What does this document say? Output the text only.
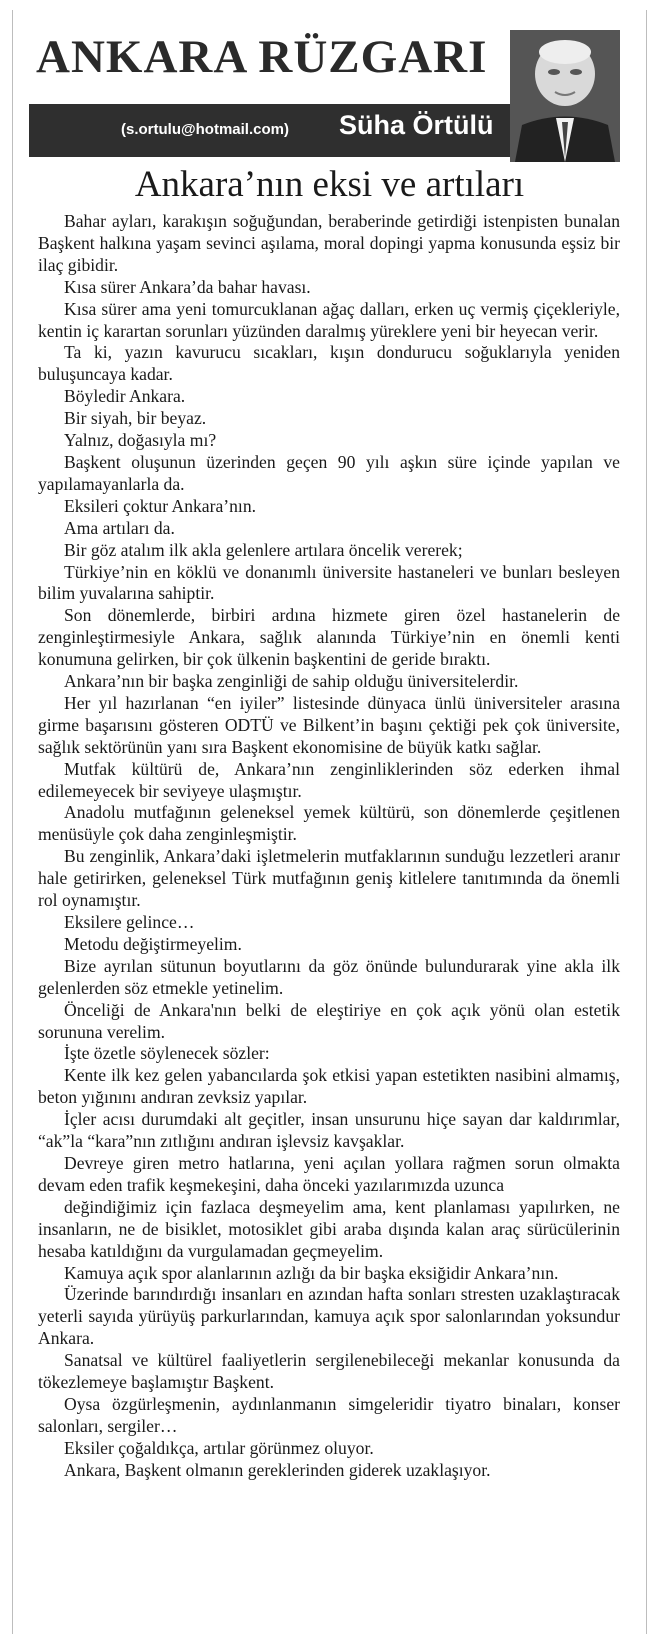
ANKARA RÜZGARI
(s.ortulu@hotmail.com) Süha Örtülü
Ankara’nın eksi ve artıları

Bahar ayları, karakışın soğuğundan, beraberinde getirdiği istenpisten bunalan Başkent halkına yaşam sevinci aşılama, moral dopingi yapma konusunda eşsiz bir ilaç gibidir.

Kısa sürer Ankara’da bahar havası.

Kısa sürer ama yeni tomurcuklanan ağaç dalları, erken uç vermiş çiçekleriyle, kentin iç karartan sorunları yüzünden daralmış yüreklere yeni bir heyecan verir.

Ta ki, yazın kavurucu sıcakları, kışın dondurucu soğuklarıyla yeniden buluşuncaya kadar.

Böyledir Ankara.

Bir siyah, bir beyaz.

Yalnız, doğasıyla mı?

Başkent oluşunun üzerinden geçen 90 yılı aşkın süre içinde yapılan ve yapılamayanlarla da.

Eksileri çoktur Ankara’nın.

Ama artıları da.

Bir göz atalım ilk akla gelenlere artılara öncelik vererek;

Türkiye’nin en köklü ve donanımlı üniversite hastaneleri ve bunları besleyen bilim yuvalarına sahiptir.

Son dönemlerde, birbiri ardına hizmete giren özel hastanelerin de zenginleştirmesiyle Ankara, sağlık alanında Türkiye’nin en önemli kenti konumuna gelirken, bir çok ülkenin başkentini de geride bıraktı.

Ankara’nın bir başka zenginliği de sahip olduğu üniversitelerdir.

Her yıl hazırlanan “en iyiler” listesinde dünyaca ünlü üniversiteler arasına girme başarısını gösteren ODTÜ ve Bilkent’in başını çektiği pek çok üniversite, sağlık sektörünün yanı sıra Başkent ekonomisine de büyük katkı sağlar.

Mutfak kültürü de, Ankara’nın zenginliklerinden söz ederken ihmal edilemeyecek bir seviyeye ulaşmıştır.

Anadolu mutfağının geleneksel yemek kültürü, son dönemlerde çeşitlenen menüsüyle çok daha zenginleşmiştir.

Bu zenginlik, Ankara’daki işletmelerin mutfaklarının sunduğu lezzetleri aranır hale getirirken, geleneksel Türk mutfağının geniş kitlelere tanıtımında da önemli rol oynamıştır.

Eksilere gelince…

Metodu değiştirmeyelim.

Bize ayrılan sütunun boyutlarını da göz önünde bulundurarak yine akla ilk gelenlerden söz etmekle yetinelim.

Önceliği de Ankara'nın belki de eleştiriye en çok açık yönü olan estetik sorununa verelim.

İşte özetle söylenecek sözler:

Kente ilk kez gelen yabancılarda şok etkisi yapan estetikten nasibini almamış, beton yığınını andıran zevksiz yapılar.

İçler acısı durumdaki alt geçitler, insan unsurunu hiçe sayan dar kaldırımlar, “ak”la “kara”nın zıtlığını andıran işlevsiz kavşaklar.

Devreye giren metro hatlarına, yeni açılan yollara rağmen sorun olmakta devam eden trafik keşmekeşini, daha önceki yazılarımızda uzunca

değindiğimiz için fazlaca deşmeyelim ama, kent planlaması yapılırken, ne insanların, ne de bisiklet, motosiklet gibi araba dışında kalan araç sürücülerinin hesaba katıldığını da vurgulamadan geçmeyelim.

Kamuya açık spor alanlarının azlığı da bir başka eksiğidir Ankara’nın.

Üzerinde barındırdığı insanları en azından hafta sonları stresten uzaklaştıracak yeterli sayıda yürüyüş parkurlarından, kamuya açık spor salonlarından yoksundur Ankara.

Sanatsal ve kültürel faaliyetlerin sergilenebileceği mekanlar konusunda da tökezlemeye başlamıştır Başkent.

Oysa özgürleşmenin, aydınlanmanın simgeleridir tiyatro binaları, konser salonları, sergiler…

Eksiler çoğaldıkça, artılar görünmez oluyor.

Ankara, Başkent olmanın gereklerinden giderek uzaklaşıyor.
